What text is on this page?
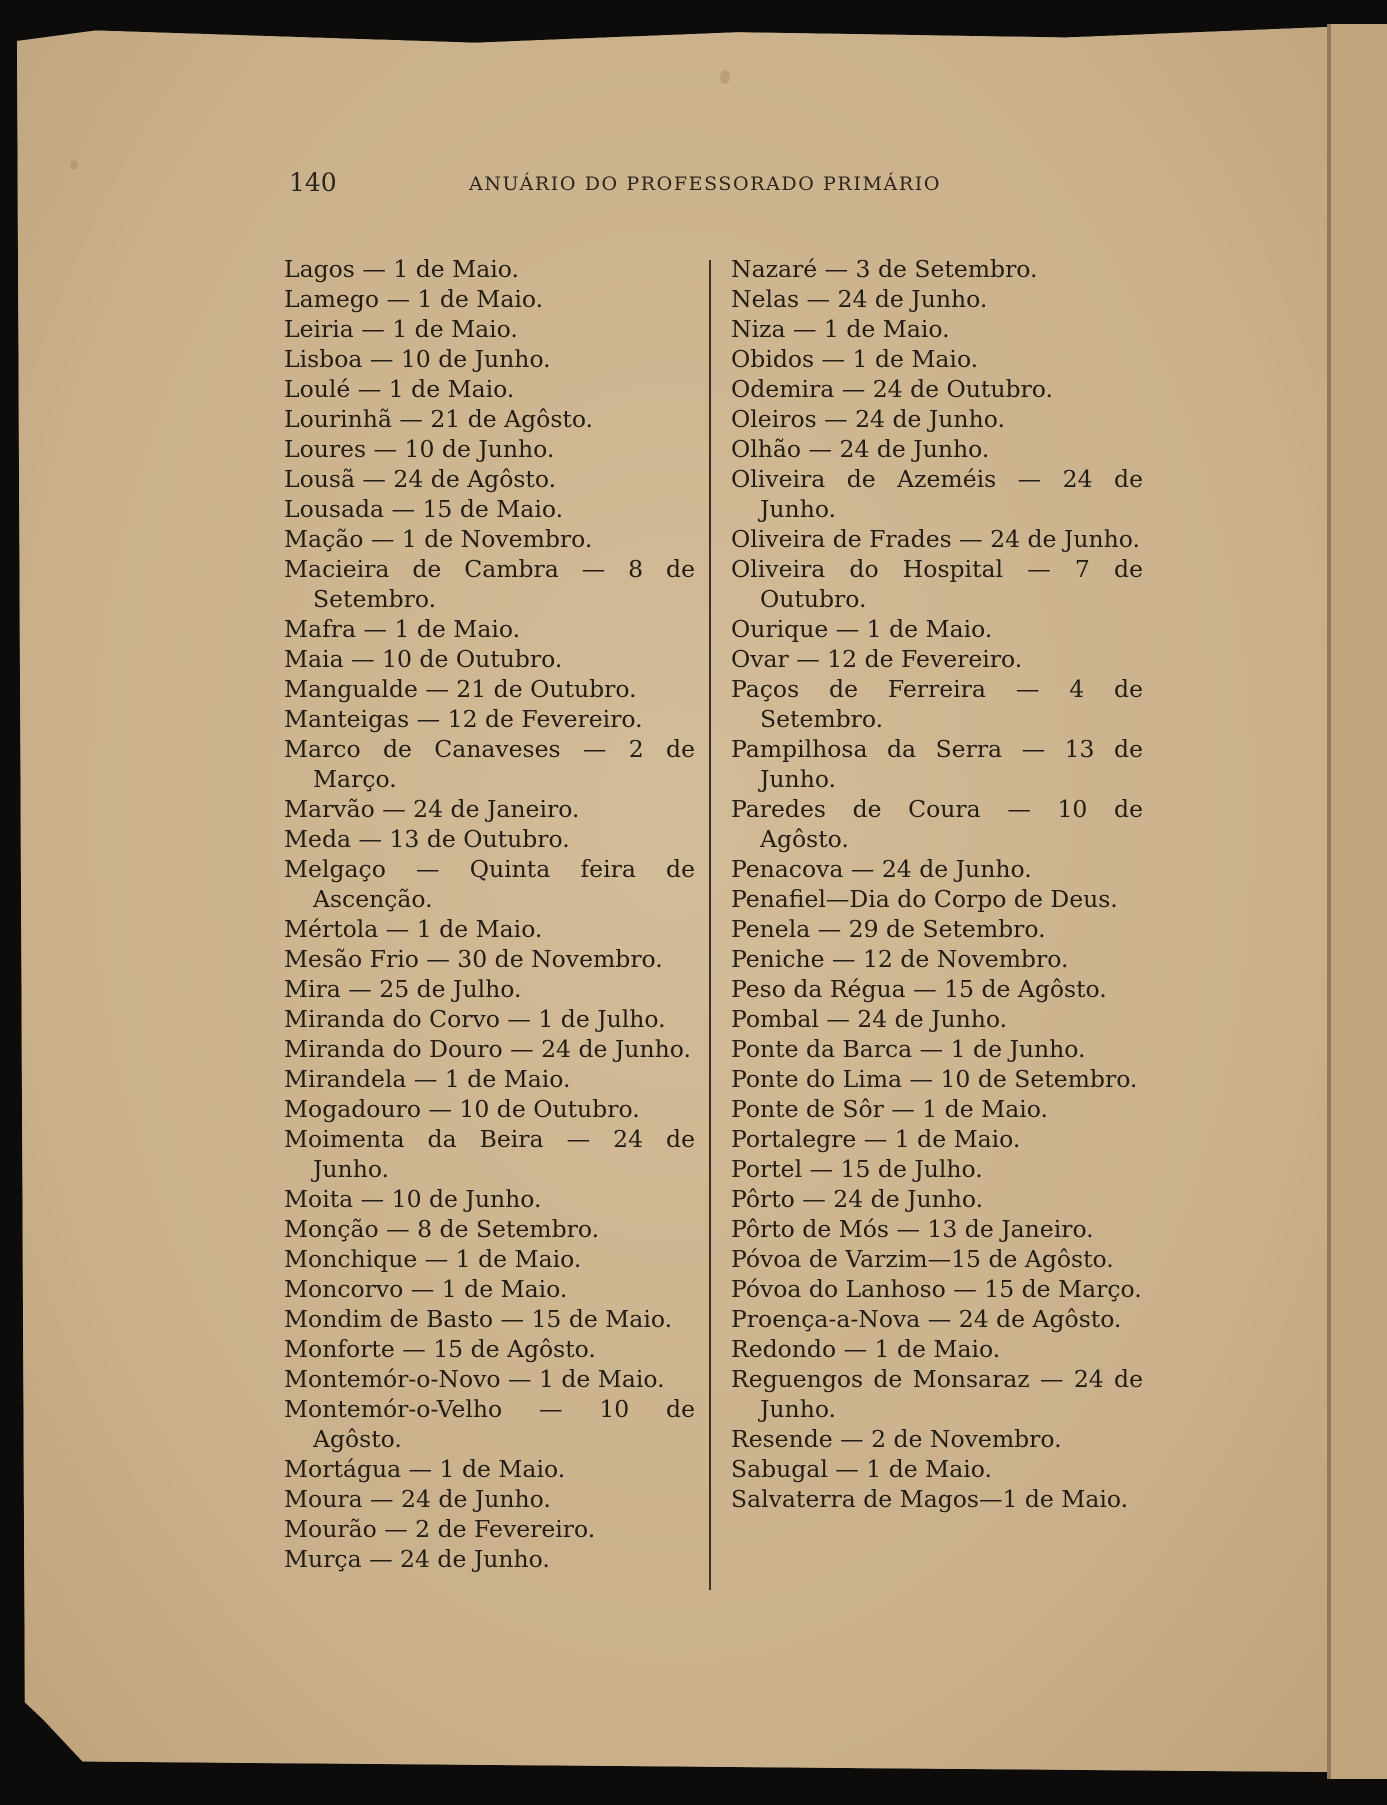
140	ANUÁRIO DO PROFESSORADO PRIMÁRIO
Lagos — 1 de Maio.
Lamego — 1 de Maio.
Leiria — 1 de Maio.
Lisboa — 10 de Junho.
Loulé — 1 de Maio.
Lourinhã — 21 de Agôsto.
Loures — 10 de Junho.
Lousã — 24 de Agôsto.
Lousada — 15 de Maio.
Mação — 1 de Novembro.
Macieira de Cambra — 8 de Setembro.
Mafra — 1 de Maio.
Maia — 10 de Outubro.
Mangualde — 21 de Outubro.
Manteigas — 12 de Fevereiro.
Marco de Canaveses — 2 de Março.
Marvão — 24 de Janeiro.
Meda — 13 de Outubro.
Melgaço — Quinta feira de Ascenção.
Mértola — 1 de Maio.
Mesão Frio — 30 de Novembro.
Mira — 25 de Julho.
Miranda do Corvo — 1 de Julho.
Miranda do Douro — 24 de Junho.
Mirandela — 1 de Maio.
Mogadouro — 10 de Outubro.
Moimenta da Beira — 24 de Junho.
Moita — 10 de Junho.
Monção — 8 de Setembro.
Monchique — 1 de Maio.
Moncorvo — 1 de Maio.
Mondim de Basto — 15 de Maio.
Monforte — 15 de Agôsto.
Montemór-o-Novo — 1 de Maio.
Montemór-o-Velho — 10 de Agôsto.
Mortágua — 1 de Maio.
Moura — 24 de Junho.
Mourão — 2 de Fevereiro.
Murça — 24 de Junho.
Nazaré — 3 de Setembro.
Nelas — 24 de Junho.
Niza — 1 de Maio.
Obidos — 1 de Maio.
Odemira — 24 de Outubro.
Oleiros — 24 de Junho.
Olhão — 24 de Junho.
Oliveira de Azeméis — 24 de Junho.
Oliveira de Frades — 24 de Junho.
Oliveira do Hospital — 7 de Outubro.
Ourique — 1 de Maio.
Ovar — 12 de Fevereiro.
Paços de Ferreira — 4 de Setembro.
Pampilhosa da Serra — 13 de Junho.
Paredes de Coura — 10 de Agôsto.
Penacova — 24 de Junho.
Penafiel—Dia do Corpo de Deus.
Penela — 29 de Setembro.
Peniche — 12 de Novembro.
Peso da Régua — 15 de Agôsto.
Pombal — 24 de Junho.
Ponte da Barca — 1 de Junho.
Ponte do Lima — 10 de Setembro.
Ponte de Sôr — 1 de Maio.
Portalegre — 1 de Maio.
Portel — 15 de Julho.
Pôrto — 24 de Junho.
Pôrto de Mós — 13 de Janeiro.
Póvoa de Varzim—15 de Agôsto.
Póvoa do Lanhoso — 15 de Março.
Proença-a-Nova — 24 de Agôsto.
Redondo — 1 de Maio.
Reguengos de Monsaraz — 24 de Junho.
Resende — 2 de Novembro.
Sabugal — 1 de Maio.
Salvaterra de Magos—1 de Maio.
